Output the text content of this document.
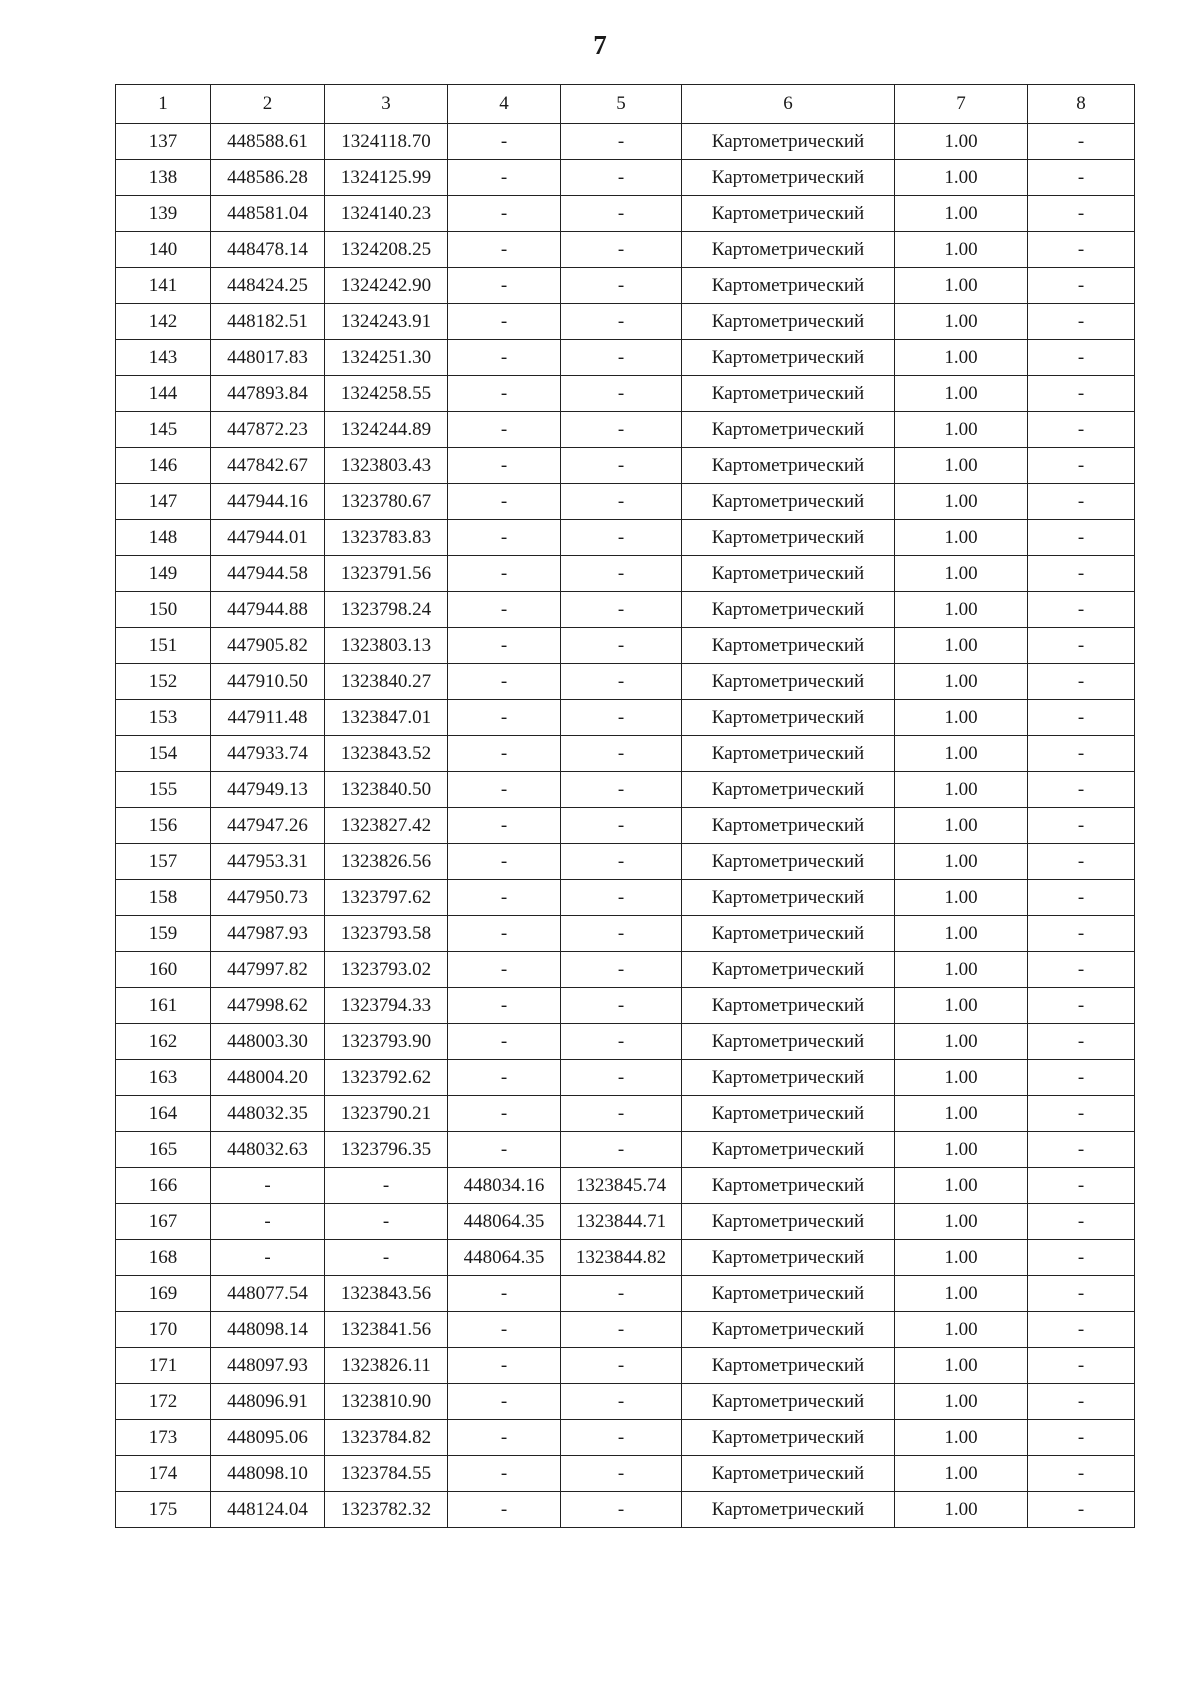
7
1	2	3	4	5	6	7	8
137	448588.61	1324118.70	-	-	Картометрический	1.00	-
138	448586.28	1324125.99	-	-	Картометрический	1.00	-
139	448581.04	1324140.23	-	-	Картометрический	1.00	-
140	448478.14	1324208.25	-	-	Картометрический	1.00	-
141	448424.25	1324242.90	-	-	Картометрический	1.00	-
142	448182.51	1324243.91	-	-	Картометрический	1.00	-
143	448017.83	1324251.30	-	-	Картометрический	1.00	-
144	447893.84	1324258.55	-	-	Картометрический	1.00	-
145	447872.23	1324244.89	-	-	Картометрический	1.00	-
146	447842.67	1323803.43	-	-	Картометрический	1.00	-
147	447944.16	1323780.67	-	-	Картометрический	1.00	-
148	447944.01	1323783.83	-	-	Картометрический	1.00	-
149	447944.58	1323791.56	-	-	Картометрический	1.00	-
150	447944.88	1323798.24	-	-	Картометрический	1.00	-
151	447905.82	1323803.13	-	-	Картометрический	1.00	-
152	447910.50	1323840.27	-	-	Картометрический	1.00	-
153	447911.48	1323847.01	-	-	Картометрический	1.00	-
154	447933.74	1323843.52	-	-	Картометрический	1.00	-
155	447949.13	1323840.50	-	-	Картометрический	1.00	-
156	447947.26	1323827.42	-	-	Картометрический	1.00	-
157	447953.31	1323826.56	-	-	Картометрический	1.00	-
158	447950.73	1323797.62	-	-	Картометрический	1.00	-
159	447987.93	1323793.58	-	-	Картометрический	1.00	-
160	447997.82	1323793.02	-	-	Картометрический	1.00	-
161	447998.62	1323794.33	-	-	Картометрический	1.00	-
162	448003.30	1323793.90	-	-	Картометрический	1.00	-
163	448004.20	1323792.62	-	-	Картометрический	1.00	-
164	448032.35	1323790.21	-	-	Картометрический	1.00	-
165	448032.63	1323796.35	-	-	Картометрический	1.00	-
166	-	-	448034.16	1323845.74	Картометрический	1.00	-
167	-	-	448064.35	1323844.71	Картометрический	1.00	-
168	-	-	448064.35	1323844.82	Картометрический	1.00	-
169	448077.54	1323843.56	-	-	Картометрический	1.00	-
170	448098.14	1323841.56	-	-	Картометрический	1.00	-
171	448097.93	1323826.11	-	-	Картометрический	1.00	-
172	448096.91	1323810.90	-	-	Картометрический	1.00	-
173	448095.06	1323784.82	-	-	Картометрический	1.00	-
174	448098.10	1323784.55	-	-	Картометрический	1.00	-
175	448124.04	1323782.32	-	-	Картометрический	1.00	-
